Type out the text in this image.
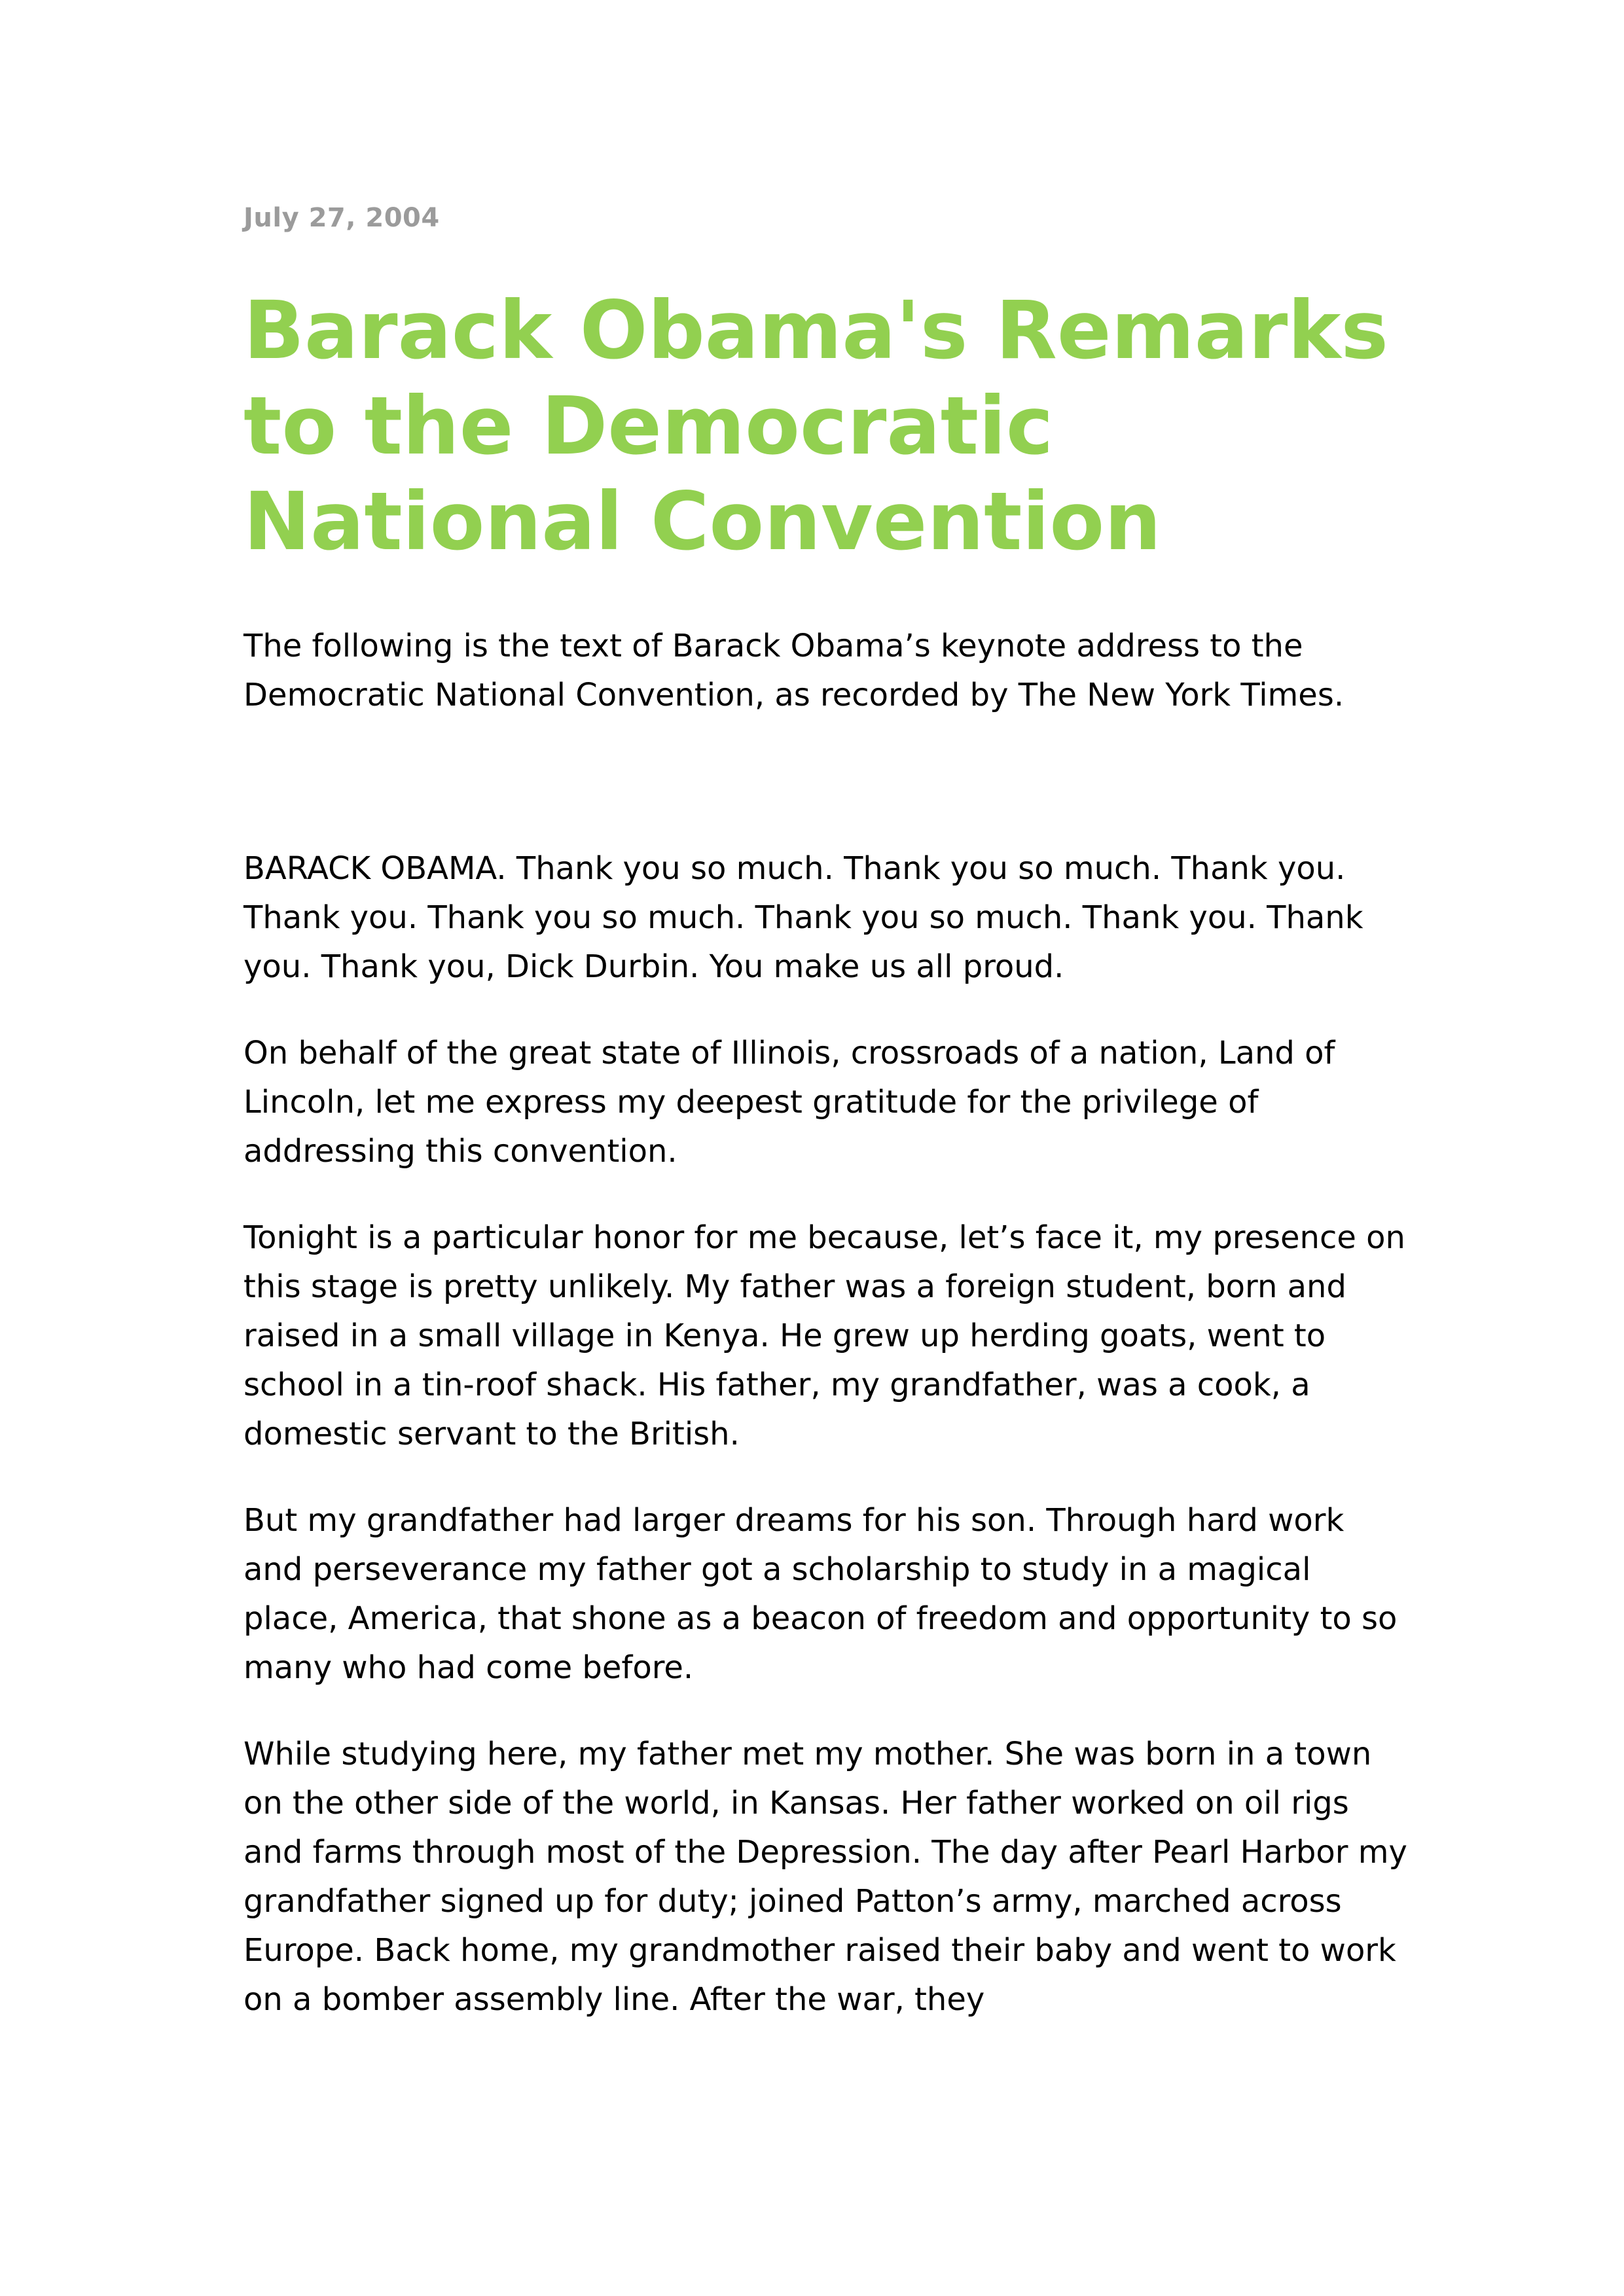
July 27, 2004
Barack Obama's Remarks to the Democratic National Convention

The following is the text of Barack Obama’s keynote address to the Democratic National Convention, as recorded by The New York Times.

BARACK OBAMA. Thank you so much. Thank you so much. Thank you. Thank you. Thank you so much. Thank you so much. Thank you. Thank you. Thank you, Dick Durbin. You make us all proud.

On behalf of the great state of Illinois, crossroads of a nation, Land of Lincoln, let me express my deepest gratitude for the privilege of addressing this convention.

Tonight is a particular honor for me because, let’s face it, my presence on this stage is pretty unlikely. My father was a foreign student, born and raised in a small village in Kenya. He grew up herding goats, went to school in a tin-roof shack. His father, my grandfather, was a cook, a domestic servant to the British.

But my grandfather had larger dreams for his son. Through hard work and perseverance my father got a scholarship to study in a magical place, America, that shone as a beacon of freedom and opportunity to so many who had come before.

While studying here, my father met my mother. She was born in a town on the other side of the world, in Kansas. Her father worked on oil rigs and farms through most of the Depression. The day after Pearl Harbor my grandfather signed up for duty; joined Patton’s army, marched across Europe. Back home, my grandmother raised their baby and went to work on a bomber assembly line. After the war, they
